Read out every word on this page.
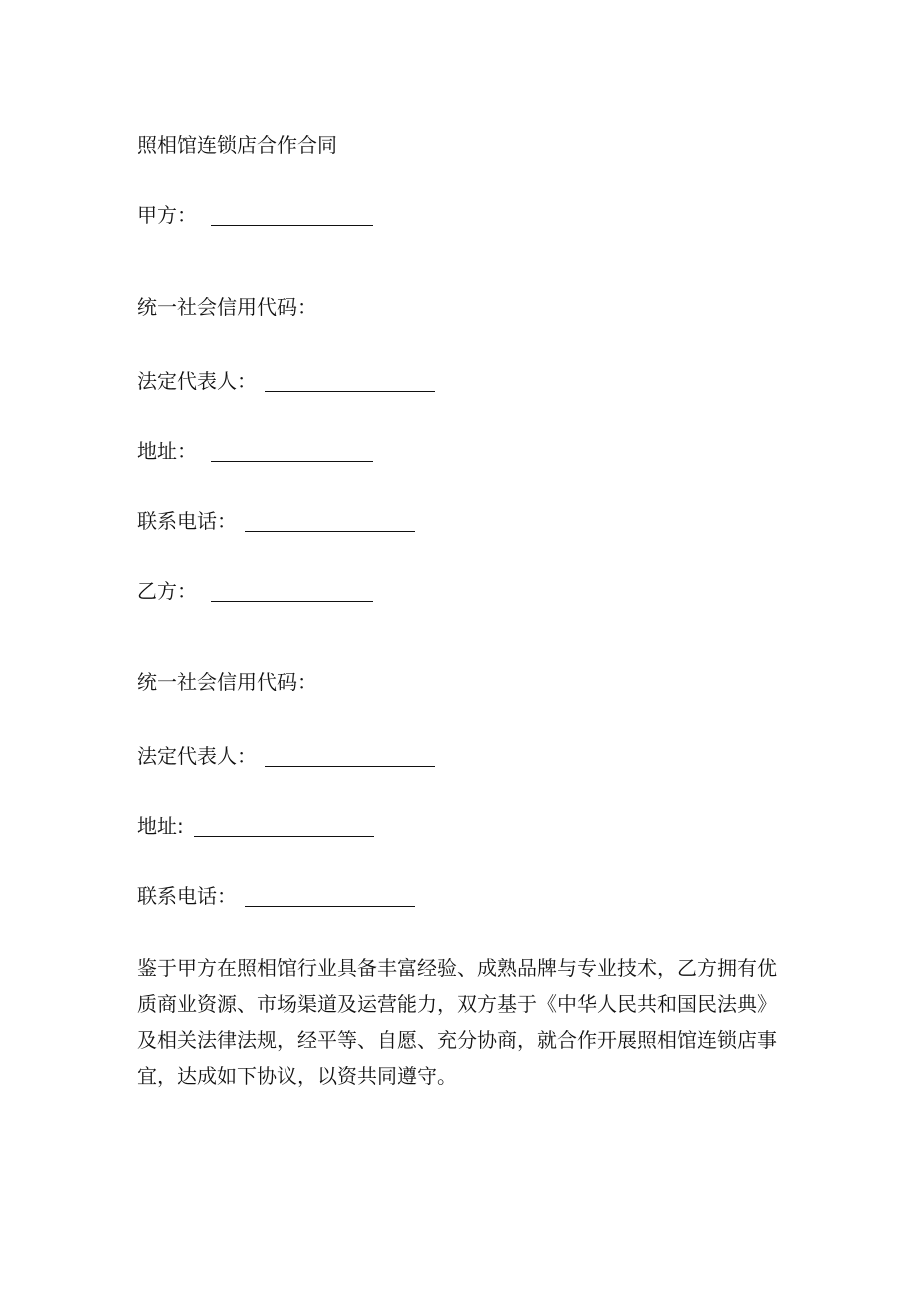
照相馆连锁店合作合同
甲方：
统一社会信用代码：
法定代表人：
地址：
联系电话：
乙方：
统一社会信用代码：
法定代表人：
地址:
联系电话：
鉴于甲方在照相馆行业具备丰富经验、成熟品牌与专业技术，乙方拥有优
质商业资源、市场渠道及运营能力，双方基于《中华人民共和国民法典》
及相关法律法规，经平等、自愿、充分协商，就合作开展照相馆连锁店事
宜，达成如下协议，以资共同遵守。
